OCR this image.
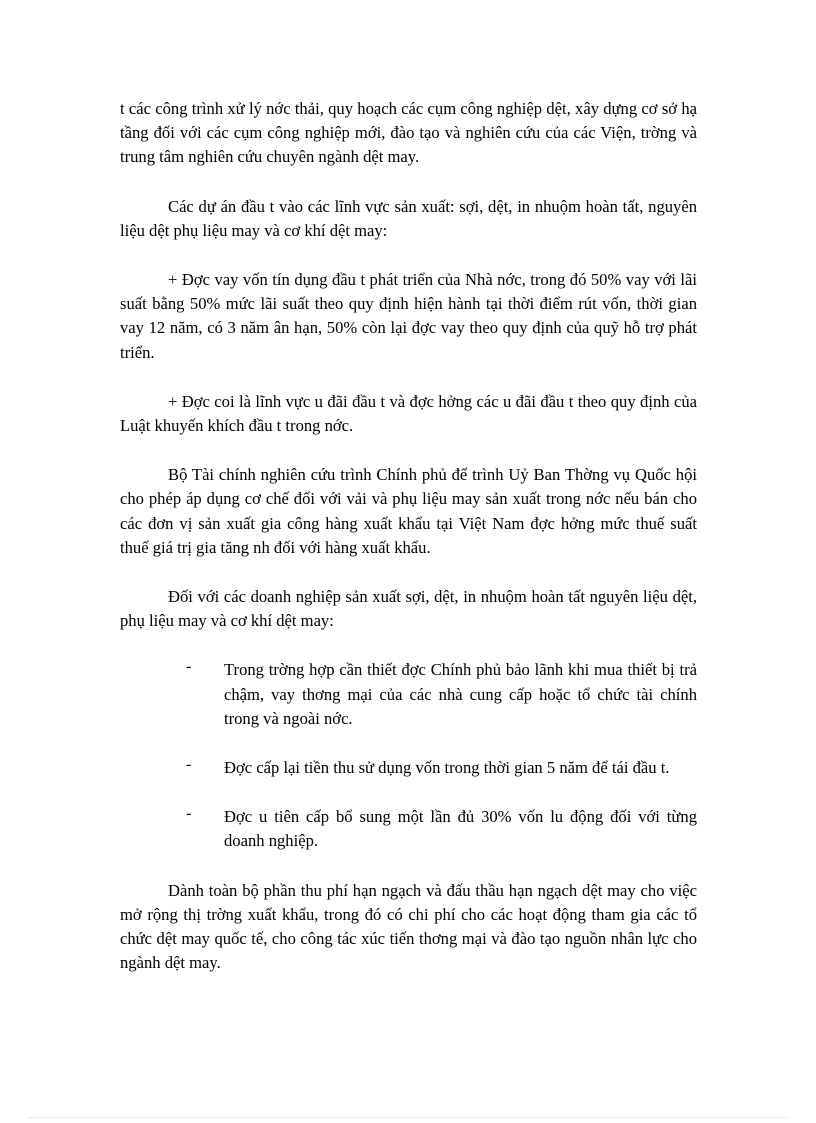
t các công trình xử lý nớc thải, quy hoạch các cụm công nghiệp dệt, xây dựng cơ sở hạ tầng đối với các cụm công nghiệp mới, đào tạo và nghiên cứu của các Viện, trờng và trung tâm nghiên cứu chuyên ngành dệt may.

Các dự án đầu t vào các lĩnh vực sản xuất: sợi, dệt, in nhuộm hoàn tất, nguyên liệu dệt phụ liệu may và cơ khí dệt may:

+ Đợc vay vốn tín dụng đầu t phát triển của Nhà nớc, trong đó 50% vay với lãi suất bằng 50% mức lãi suất theo quy định hiện hành tại thời điểm rút vốn, thời gian vay 12 năm, có 3 năm ân hạn, 50% còn lại đợc vay theo quy định của quỹ hỗ trợ phát triển.

+ Đợc coi là lĩnh vực u đãi đầu t và đợc hởng các u đãi đầu t theo quy định của Luật khuyến khích đầu t trong nớc.

Bộ Tài chính nghiên cứu trình Chính phủ để trình Uỷ Ban Thờng vụ Quốc hội cho phép áp dụng cơ chế đối với vải và phụ liệu may sản xuất trong nớc nếu bán cho các đơn vị sản xuất gia công hàng xuất khẩu tại Việt Nam đợc hởng mức thuế suất thuế giá trị gia tăng nh đối với hàng xuất khẩu.

Đối với các doanh nghiệp sản xuất sợi, dệt, in nhuộm hoàn tất nguyên liệu dệt, phụ liệu may và cơ khí dệt may:

- Trong trờng hợp cần thiết đợc Chính phủ bảo lãnh khi mua thiết bị trả chậm, vay thơng mại của các nhà cung cấp hoặc tổ chức tài chính trong và ngoài nớc.

- Đợc cấp lại tiền thu sử dụng vốn trong thời gian 5 năm để tái đầu t.

- Đợc u tiên cấp bổ sung một lần đủ 30% vốn lu động đối với từng doanh nghiệp.

Dành toàn bộ phần thu phí hạn ngạch và đấu thầu hạn ngạch dệt may cho việc mở rộng thị trờng xuất khẩu, trong đó có chi phí cho các hoạt động tham gia các tổ chức dệt may quốc tế, cho công tác xúc tiến thơng mại và đào tạo nguồn nhân lực cho ngành dệt may.
